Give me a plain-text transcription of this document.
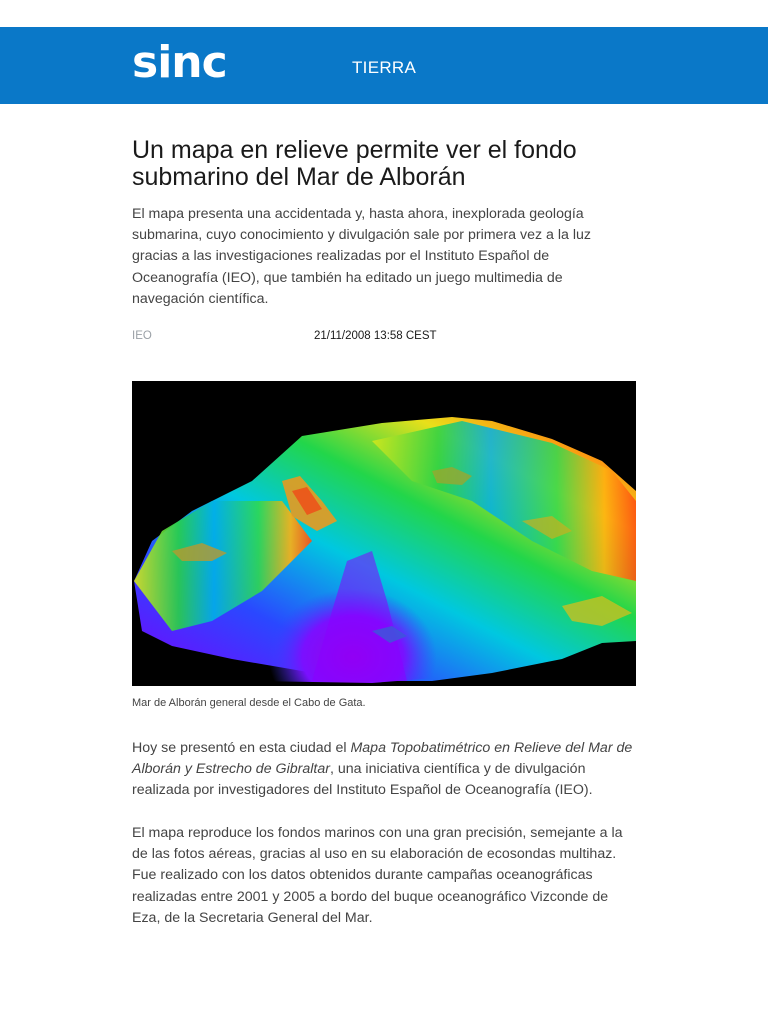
sinc	TIERRA
Un mapa en relieve permite ver el fondo submarino del Mar de Alborán

El mapa presenta una accidentada y, hasta ahora, inexplorada geología submarina, cuyo conocimiento y divulgación sale por primera vez a la luz gracias a las investigaciones realizadas por el Instituto Español de Oceanografía (IEO), que también ha editado un juego multimedia de navegación científica.

IEO	21/11/2008 13:58 CEST
Mar de Alborán general desde el Cabo de Gata.

Hoy se presentó en esta ciudad el Mapa Topobatimétrico en Relieve del Mar de Alborán y Estrecho de Gibraltar, una iniciativa científica y de divulgación realizada por investigadores del Instituto Español de Oceanografía (IEO).

El mapa reproduce los fondos marinos con una gran precisión, semejante a la de las fotos aéreas, gracias al uso en su elaboración de ecosondas multihaz. Fue realizado con los datos obtenidos durante campañas oceanográficas realizadas entre 2001 y 2005 a bordo del buque oceanográfico Vizconde de Eza, de la Secretaria General del Mar.
